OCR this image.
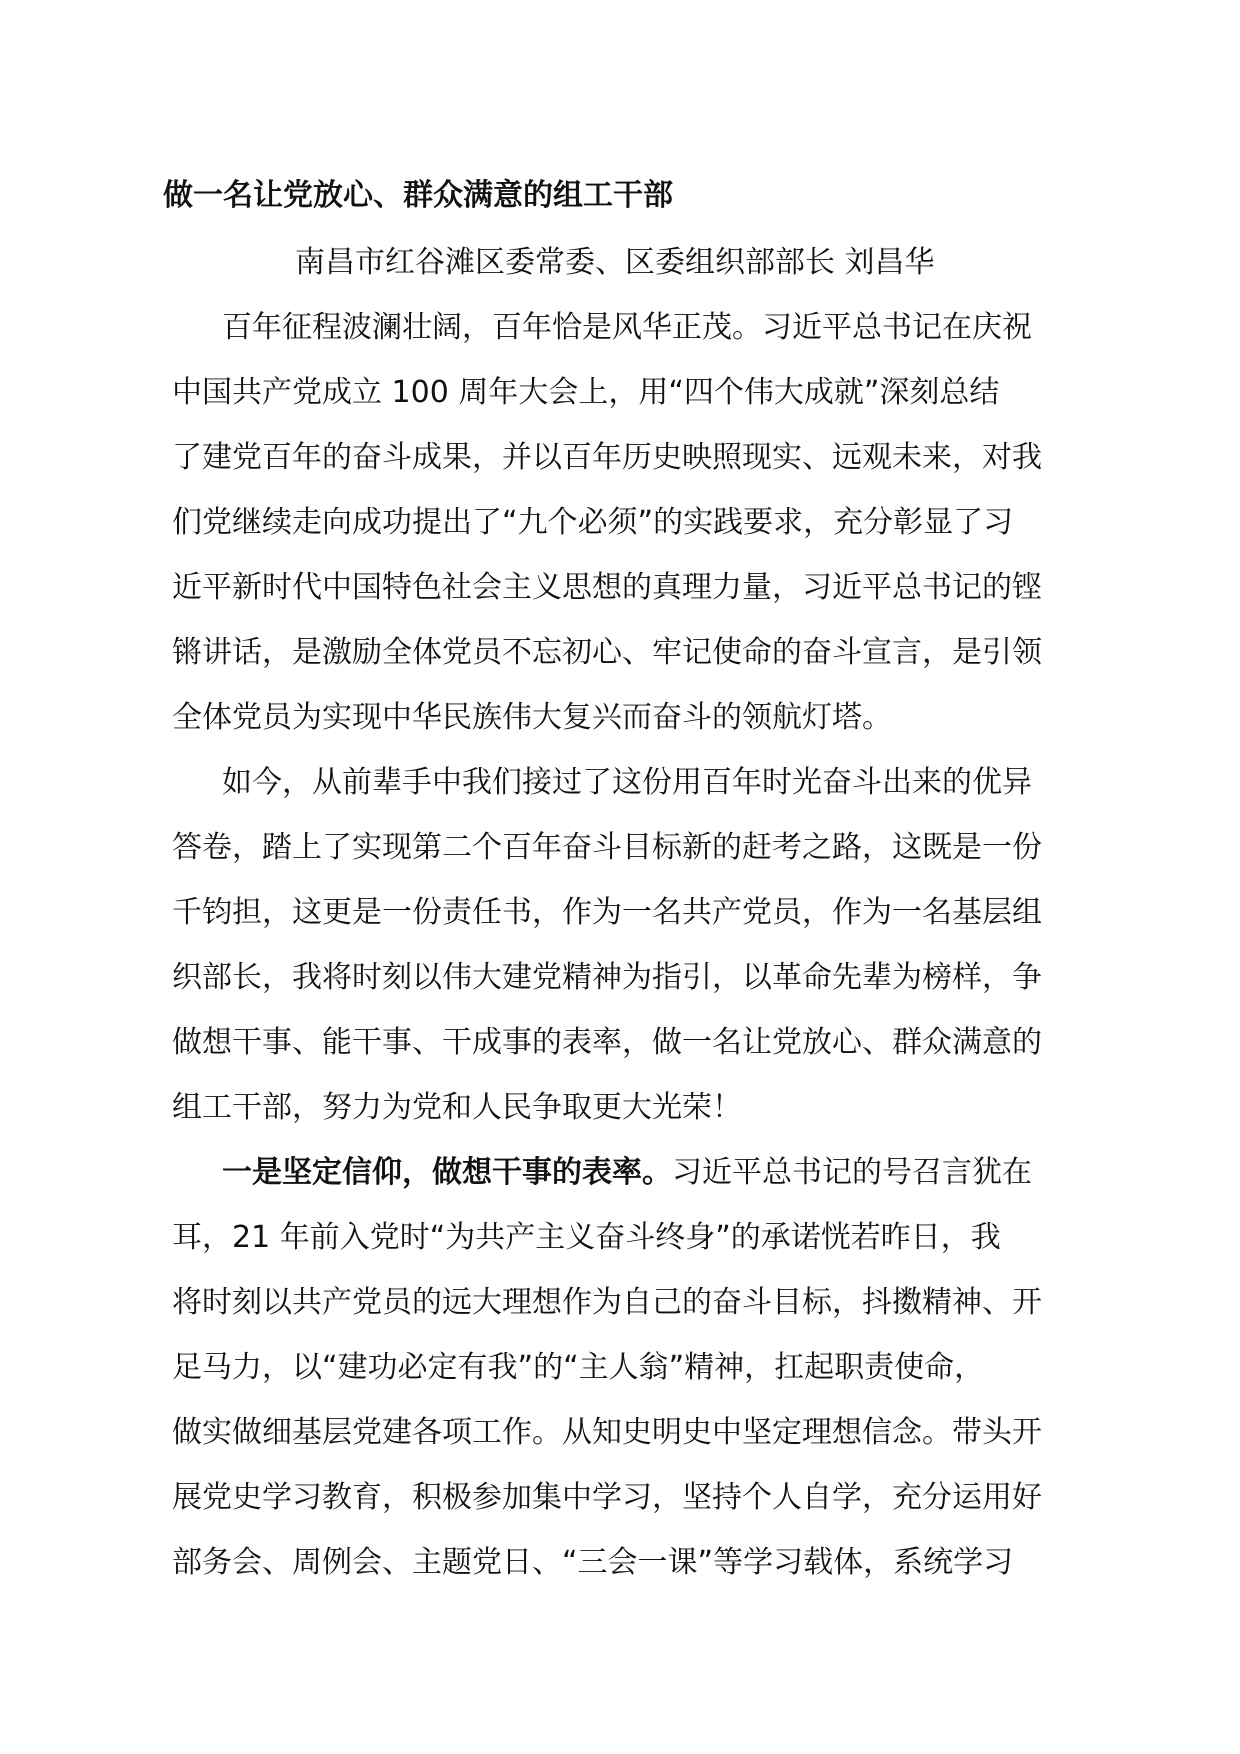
做一名让党放心、群众满意的组工干部

南昌市红谷滩区委常委、区委组织部部长 刘昌华

百年征程波澜壮阔，百年恰是风华正茂。习近平总书记在庆祝

中国共产党成立 100 周年大会上，用“四个伟大成就”深刻总结

了建党百年的奋斗成果，并以百年历史映照现实、远观未来，对我

们党继续走向成功提出了“九个必须”的实践要求，充分彰显了习

近平新时代中国特色社会主义思想的真理力量，习近平总书记的铿

锵讲话，是激励全体党员不忘初心、牢记使命的奋斗宣言，是引领

全体党员为实现中华民族伟大复兴而奋斗的领航灯塔。

如今，从前辈手中我们接过了这份用百年时光奋斗出来的优异

答卷，踏上了实现第二个百年奋斗目标新的赶考之路，这既是一份

千钧担，这更是一份责任书，作为一名共产党员，作为一名基层组

织部长，我将时刻以伟大建党精神为指引，以革命先辈为榜样，争

做想干事、能干事、干成事的表率，做一名让党放心、群众满意的

组工干部，努力为党和人民争取更大光荣！

一是坚定信仰，做想干事的表率。习近平总书记的号召言犹在

耳，21 年前入党时“为共产主义奋斗终身”的承诺恍若昨日，我

将时刻以共产党员的远大理想作为自己的奋斗目标，抖擞精神、开

足马力，以“建功必定有我”的“主人翁”精神，扛起职责使命，

做实做细基层党建各项工作。从知史明史中坚定理想信念。带头开

展党史学习教育，积极参加集中学习，坚持个人自学，充分运用好

部务会、周例会、主题党日、“三会一课”等学习载体，系统学习
